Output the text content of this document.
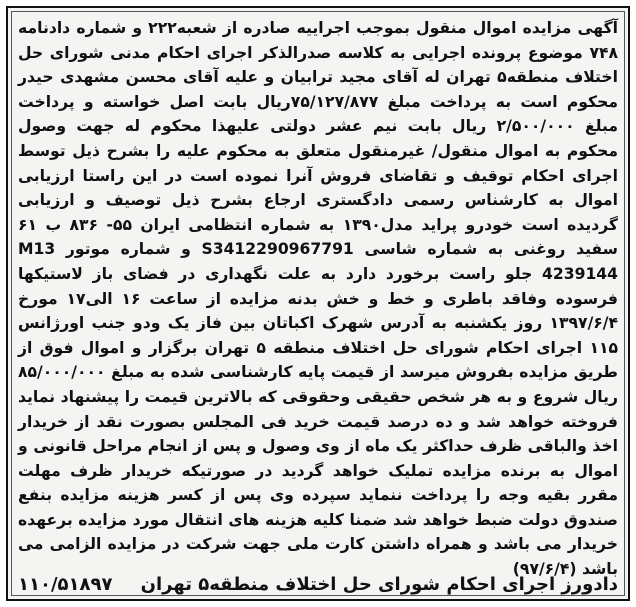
آگهی مزایده اموال منقول بموجب اجراییه صادره از شعبه۲۲۲ و شماره دادنامه ۷۴۸ موضوع پرونده اجرایی به کلاسه صدرالذکر اجرای احکام مدنی شورای حل اختلاف منطقه۵ تهران له آقای مجید ترابیان و علیه آقای محسن مشهدی حیدر محکوم است به پرداخت مبلغ ۷۵/۱۲۷/۸۷۷ریال بابت اصل خواسته و پرداخت مبلغ ۲/۵۰۰/۰۰۰ ریال بابت نیم عشر دولتی علیهذا محکوم له جهت وصول محکوم به اموال منقول/ غیرمنقول متعلق به محکوم علیه را بشرح ذیل توسط اجرای احکام توقیف و تقاضای فروش آنرا نموده است در این راستا ارزیابی اموال به کارشناس رسمی دادگستری ارجاع بشرح ذیل توصیف و ارزیابی گردیده است خودرو پراید مدل۱۳۹۰ به شماره انتظامی ایران ۵۵- ۸۳۶ ب ۶۱ سفید روغنی به شماره شاسی S3412290967791 و شماره موتور M13 4239144 جلو راست برخورد دارد به علت نگهداری در فضای باز لاستیکها فرسوده وفاقد باطری و خط و خش بدنه مزایده از ساعت ۱۶ الی۱۷ مورخ ۱۳۹۷/۶/۴ روز یکشنبه به آدرس شهرک اکباتان بین فاز یک ودو جنب اورژانس ۱۱۵ اجرای احکام شورای حل اختلاف منطقه ۵ تهران برگزار و اموال فوق از طریق مزایده بفروش میرسد از قیمت پایه کارشناسی شده به مبلغ ۸۵/۰۰۰/۰۰۰ ریال شروع و به هر شخص حقیقی وحقوقی که بالاترین قیمت را پیشنهاد نماید فروخته خواهد شد و ده درصد قیمت خرید فی المجلس بصورت نقد از خریدار اخذ والباقی ظرف حداکثر یک ماه از وی وصول و پس از انجام مراحل قانونی و اموال به برنده مزایده تملیک خواهد گردید در صورتیکه خریدار ظرف مهلت مقرر بقیه وجه را پرداخت ننماید سپرده وی پس از کسر هزینه مزایده بنفع صندوق دولت ضبط خواهد شد ضمنا کلیه هزینه های انتقال مورد مزایده برعهده خریدار می باشد و همراه داشتن کارت ملی جهت شرکت در مزایده الزامی می باشد (۹۷/۶/۴)

دادورز اجرای احکام شورای حل اختلاف منطقه۵ تهران
۱۱۰/۵۱۸۹۷
